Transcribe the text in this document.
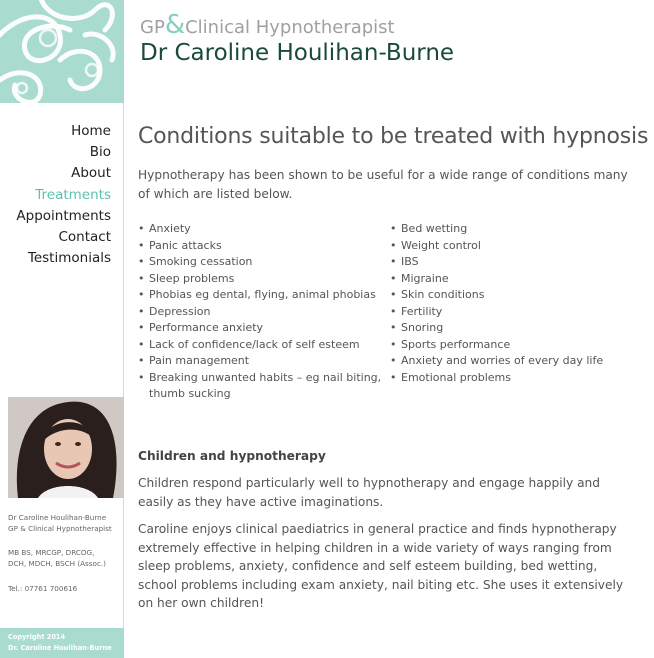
Home
Bio
About
Treatments
Appointments
Contact
Testimonials
Dr Caroline Houlihan-Burne
GP & Clinical Hypnotherapist
MB BS, MRCGP, DRCOG,
DCH, MDCH, BSCH (Assoc.)
Tel.: 07761 700616
Copyright 2014
Dr. Caroline Houlihan-Burne
GP&Clinical Hypnotherapist
Dr Caroline Houlihan-Burne
Conditions suitable to be treated with hypnosis

Hypnotherapy has been shown to be useful for a wide range of conditions many of which are listed below.

• Anxiety
• Panic attacks
• Smoking cessation
• Sleep problems
• Phobias eg dental, flying, animal phobias
• Depression
• Performance anxiety
• Lack of confidence/lack of self esteem
• Pain management
• Breaking unwanted habits – eg nail biting, thumb sucking
• Bed wetting
• Weight control
• IBS
• Migraine
• Skin conditions
• Fertility
• Snoring
• Sports performance
• Anxiety and worries of every day life
• Emotional problems
Children and hypnotherapy

Children respond particularly well to hypnotherapy and engage happily and easily as they have active imaginations.

Caroline enjoys clinical paediatrics in general practice and finds hypnotherapy extremely effective in helping children in a wide variety of ways ranging from sleep problems, anxiety, confidence and self esteem building, bed wetting, school problems including exam anxiety, nail biting etc. She uses it extensively on her own children!
